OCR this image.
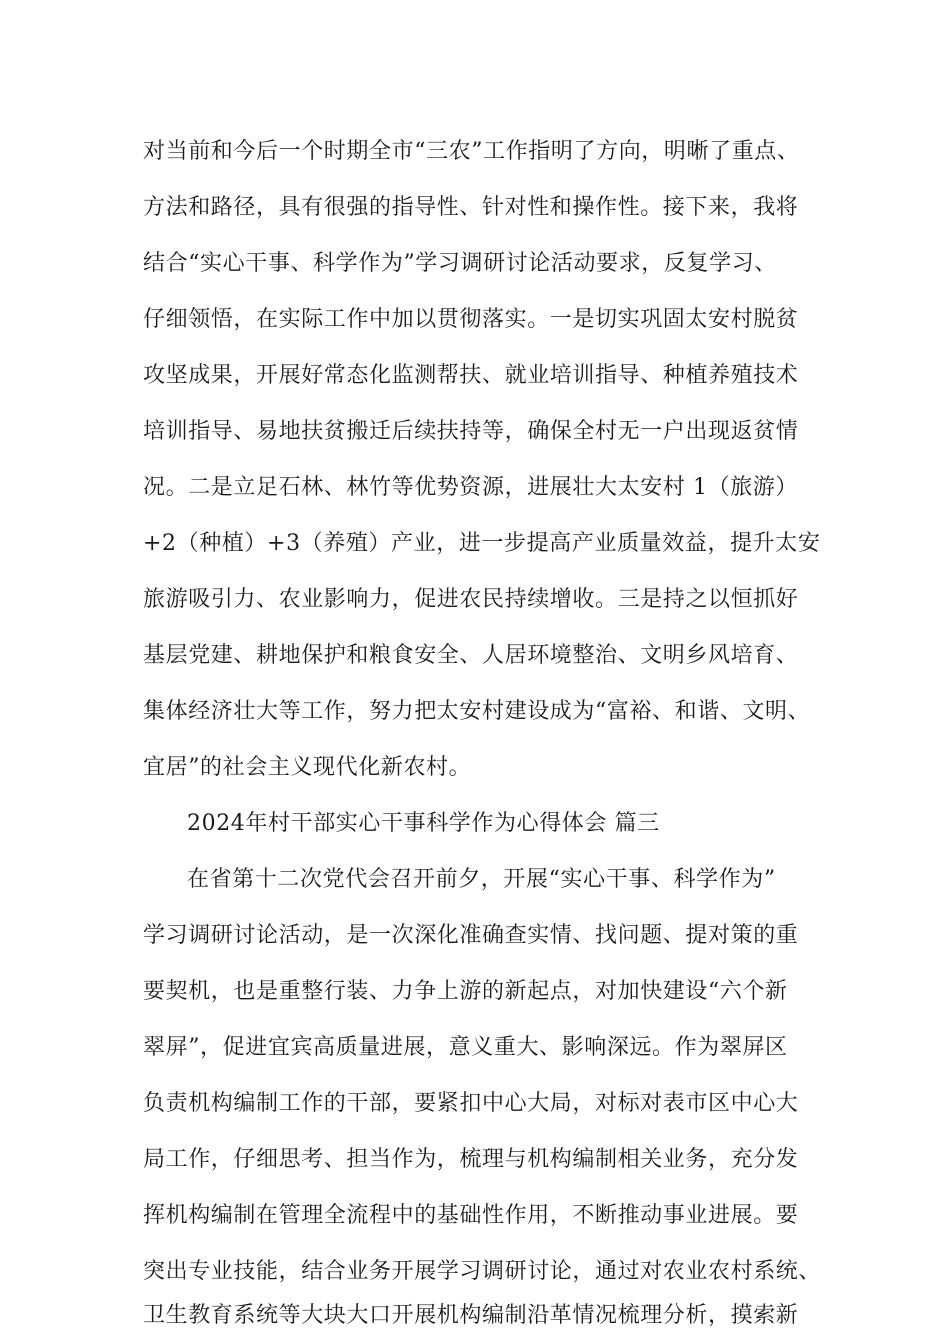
对当前和今后一个时期全市“三农”工作指明了方向，明晰了重点、
方法和路径，具有很强的指导性、针对性和操作性。接下来，我将
结合“实心干事、科学作为”学习调研讨论活动要求，反复学习、
仔细领悟，在实际工作中加以贯彻落实。一是切实巩固太安村脱贫
攻坚成果，开展好常态化监测帮扶、就业培训指导、种植养殖技术
培训指导、易地扶贫搬迁后续扶持等，确保全村无一户出现返贫情
况。二是立足石林、林竹等优势资源，进展壮大太安村 1（旅游）
+2（种植）+3（养殖）产业，进一步提高产业质量效益，提升太安
旅游吸引力、农业影响力，促进农民持续增收。三是持之以恒抓好
基层党建、耕地保护和粮食安全、人居环境整治、文明乡风培育、
集体经济壮大等工作，努力把太安村建设成为“富裕、和谐、文明、
宜居”的社会主义现代化新农村。
2024年村干部实心干事科学作为心得体会 篇三
在省第十二次党代会召开前夕，开展“实心干事、科学作为”
学习调研讨论活动，是一次深化准确查实情、找问题、提对策的重
要契机，也是重整行装、力争上游的新起点，对加快建设“六个新
翠屏”，促进宜宾高质量进展，意义重大、影响深远。作为翠屏区
负责机构编制工作的干部，要紧扣中心大局，对标对表市区中心大
局工作，仔细思考、担当作为，梳理与机构编制相关业务，充分发
挥机构编制在管理全流程中的基础性作用，不断推动事业进展。要
突出专业技能，结合业务开展学习调研讨论，通过对农业农村系统、
卫生教育系统等大块大口开展机构编制沿革情况梳理分析，摸索新
